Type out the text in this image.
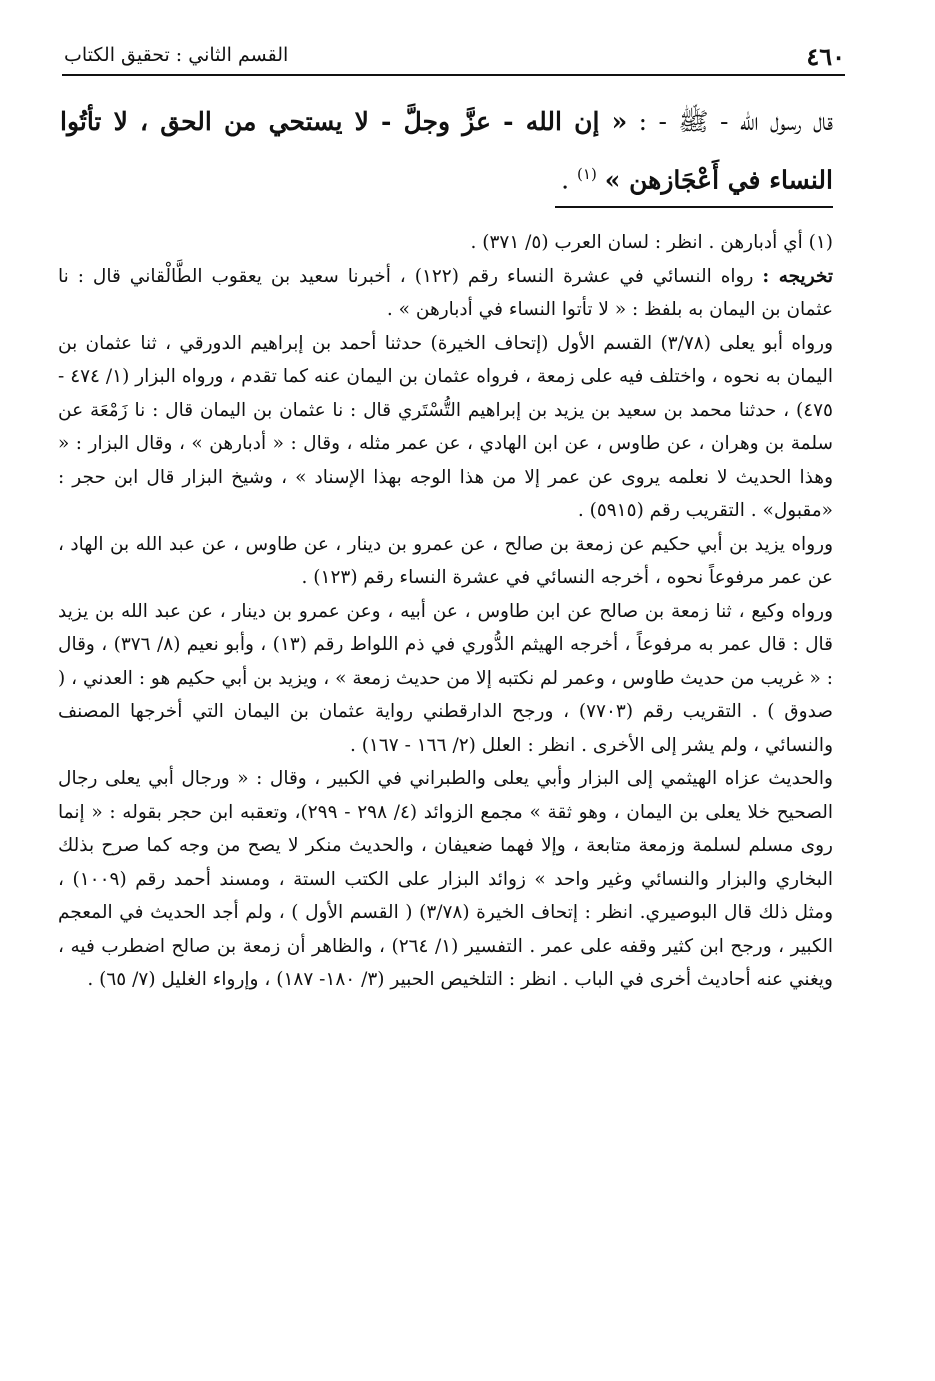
٤٦٠
القسم الثاني : تحقيق الكتاب
قال رسول الله - ﷺ - : « إن الله - عزَّ وجلَّ - لا يستحي من الحق ، لا تأتُوا النساء في أَعْجَازهن » $^{(١)}$ .

(١) أي أدبارهن . انظر : لسان العرب (٥/ ٣٧١) .

تخريجه : رواه النسائي في عشرة النساء رقم (١٢٢) ، أخبرنا سعيد بن يعقوب الطَّالْقاني قال : نا عثمان بن اليمان به بلفظ : « لا تأتوا النساء في أدبارهن » .

ورواه أبو يعلى (٣/٧٨) القسم الأول (إتحاف الخيرة) حدثنا أحمد بن إبراهيم الدورقي ، ثنا عثمان بن اليمان به نحوه ، واختلف فيه على زمعة ، فرواه عثمان بن اليمان عنه كما تقدم ، ورواه البزار (١/ ٤٧٤ - ٤٧٥) ، حدثنا محمد بن سعيد بن يزيد بن إبراهيم التُّسْتَري قال : نا عثمان بن اليمان قال : نا زَمْعَة عن سلمة بن وهران ، عن طاوس ، عن ابن الهادي ، عن عمر مثله ، وقال : « أدبارهن » ، وقال البزار : « وهذا الحديث لا نعلمه يروى عن عمر إلا من هذا الوجه بهذا الإسناد » ، وشيخ البزار قال ابن حجر : «مقبول» . التقريب رقم (٥٩١٥) .

ورواه يزيد بن أبي حكيم عن زمعة بن صالح ، عن عمرو بن دينار ، عن طاوس ، عن عبد الله بن الهاد ، عن عمر مرفوعاً نحوه ، أخرجه النسائي في عشرة النساء رقم (١٢٣) .

ورواه وكيع ، ثنا زمعة بن صالح عن ابن طاوس ، عن أبيه ، وعن عمرو بن دينار ، عن عبد الله بن يزيد قال : قال عمر به مرفوعاً ، أخرجه الهيثم الدُّوري في ذم اللواط رقم (١٣) ، وأبو نعيم (٨/ ٣٧٦) ، وقال : « غريب من حديث طاوس ، وعمر لم نكتبه إلا من حديث زمعة » ، ويزيد بن أبي حكيم هو : العدني ، ( صدوق ) . التقريب رقم (٧٧٠٣) ، ورجح الدارقطني رواية عثمان بن اليمان التي أخرجها المصنف والنسائي ، ولم يشر إلى الأخرى . انظر : العلل (٢/ ١٦٦ - ١٦٧) .

والحديث عزاه الهيثمي إلى البزار وأبي يعلى والطبراني في الكبير ، وقال : « ورجال أبي يعلى رجال الصحيح خلا يعلى بن اليمان ، وهو ثقة » مجمع الزوائد (٤/ ٢٩٨ - ٢٩٩)، وتعقبه ابن حجر بقوله : « إنما روى مسلم لسلمة وزمعة متابعة ، وإلا فهما ضعيفان ، والحديث منكر لا يصح من وجه كما صرح بذلك البخاري والبزار والنسائي وغير واحد » زوائد البزار على الكتب الستة ، ومسند أحمد رقم (١٠٠٩) ، ومثل ذلك قال البوصيري. انظر : إتحاف الخيرة (٣/٧٨) ( القسم الأول ) ، ولم أجد الحديث في المعجم الكبير ، ورجح ابن كثير وقفه على عمر . التفسير (١/ ٢٦٤) ، والظاهر أن زمعة بن صالح اضطرب فيه ، ويغني عنه أحاديث أخرى في الباب . انظر : التلخيص الحبير (٣/ ١٨٠- ١٨٧) ، وإرواء الغليل (٧/ ٦٥) .
